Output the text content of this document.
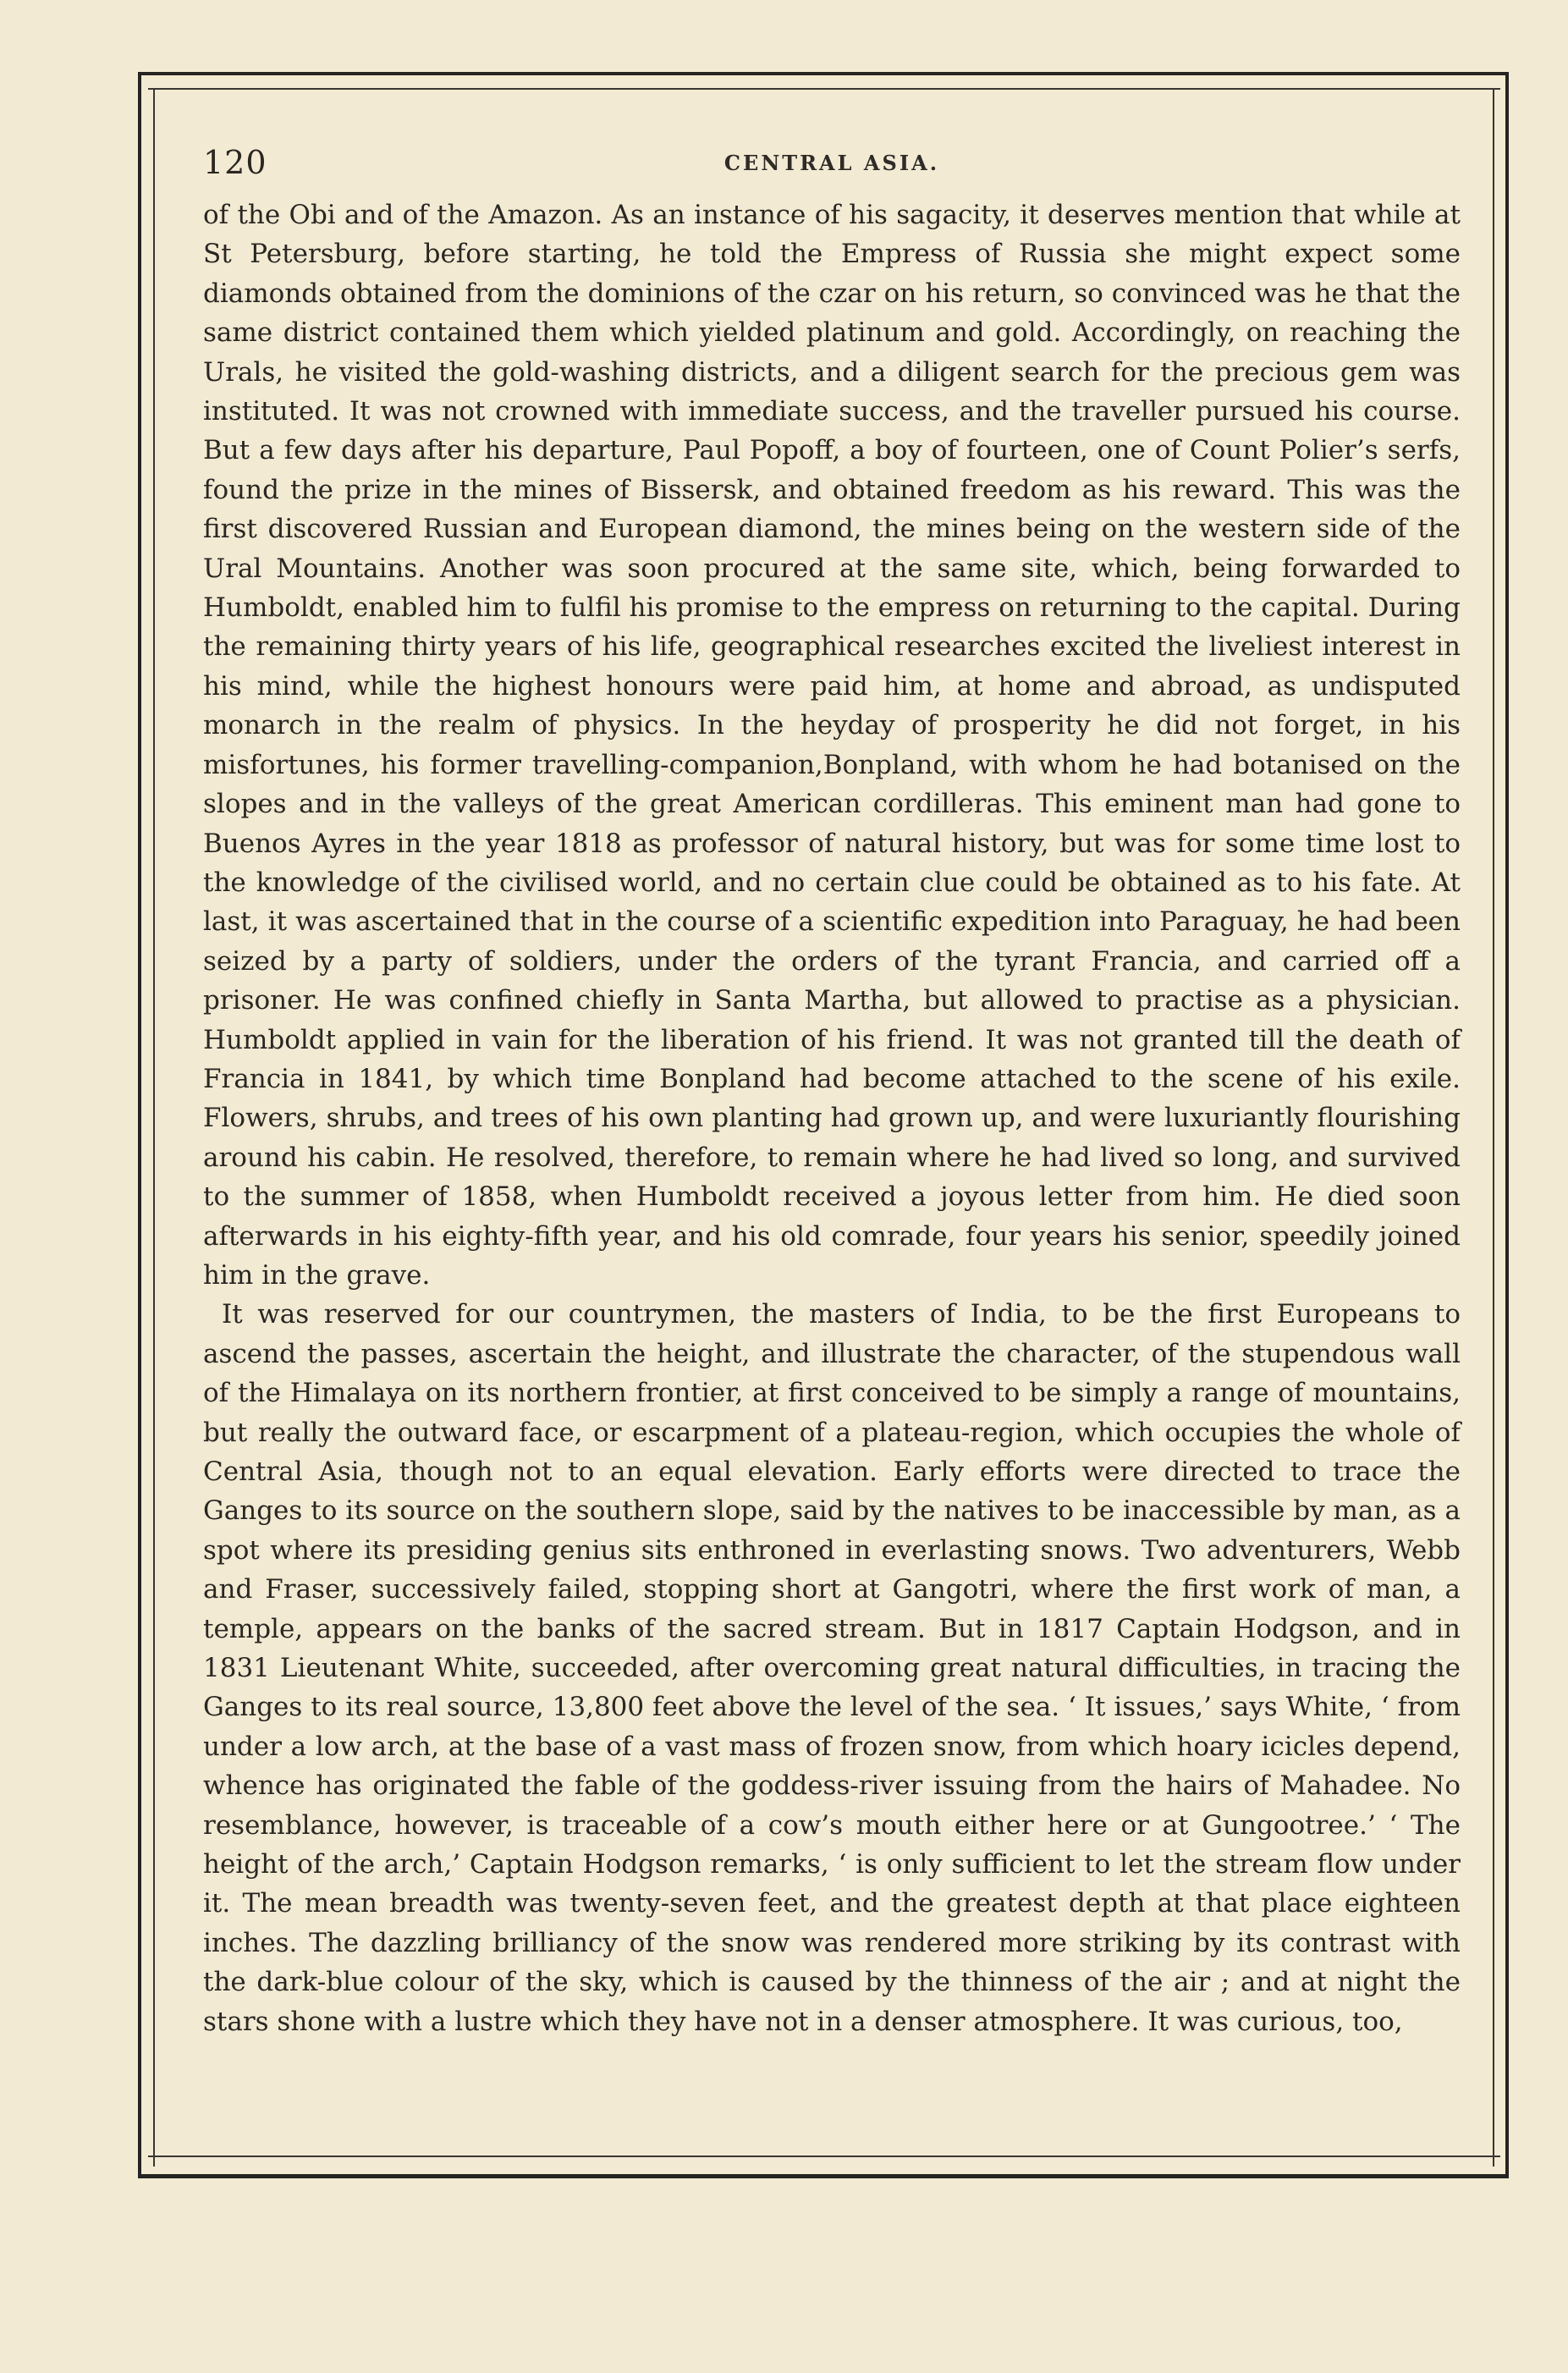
120	CENTRAL ASIA.

of the Obi and of the Amazon. As an instance of his sagacity, it deserves mention that while at St Petersburg, before starting, he told the Empress of Russia she might expect some diamonds obtained from the dominions of the czar on his return, so convinced was he that the same district contained them which yielded platinum and gold. Accordingly, on reaching the Urals, he visited the gold-washing districts, and a diligent search for the precious gem was instituted. It was not crowned with immediate success, and the traveller pursued his course. But a few days after his departure, Paul Popoff, a boy of fourteen, one of Count Polier’s serfs, found the prize in the mines of Bissersk, and obtained freedom as his reward. This was the first discovered Russian and European diamond, the mines being on the western side of the Ural Mountains. Another was soon procured at the same site, which, being forwarded to Humboldt, enabled him to fulfil his promise to the empress on returning to the capital. During the remaining thirty years of his life, geographical researches excited the liveliest interest in his mind, while the highest honours were paid him, at home and abroad, as undisputed monarch in the realm of physics. In the heyday of prosperity he did not forget, in his misfortunes, his former travelling-companion,Bonpland, with whom he had botanised on the slopes and in the valleys of the great American cordilleras. This eminent man had gone to Buenos Ayres in the year 1818 as professor of natural history, but was for some time lost to the knowledge of the civilised world, and no certain clue could be obtained as to his fate. At last, it was ascertained that in the course of a scientific expedition into Paraguay, he had been seized by a party of soldiers, under the orders of the tyrant Francia, and carried off a prisoner. He was confined chiefly in Santa Martha, but allowed to practise as a physician. Humboldt applied in vain for the liberation of his friend. It was not granted till the death of Francia in 1841, by which time Bonpland had become attached to the scene of his exile. Flowers, shrubs, and trees of his own planting had grown up, and were luxuriantly flourishing around his cabin. He resolved, therefore, to remain where he had lived so long, and survived to the summer of 1858, when Humboldt received a joyous letter from him. He died soon afterwards in his eighty-fifth year, and his old comrade, four years his senior, speedily joined him in the grave.

It was reserved for our countrymen, the masters of India, to be the first Europeans to ascend the passes, ascertain the height, and illustrate the character, of the stupendous wall of the Himalaya on its northern frontier, at first conceived to be simply a range of mountains, but really the outward face, or escarpment of a plateau-region, which occupies the whole of Central Asia, though not to an equal elevation. Early efforts were directed to trace the Ganges to its source on the southern slope, said by the natives to be inaccessible by man, as a spot where its presiding genius sits enthroned in everlasting snows. Two adventurers, Webb and Fraser, successively failed, stopping short at Gangotri, where the first work of man, a temple, appears on the banks of the sacred stream. But in 1817 Captain Hodgson, and in 1831 Lieutenant White, succeeded, after overcoming great natural difficulties, in tracing the Ganges to its real source, 13,800 feet above the level of the sea. ‘ It issues,’ says White, ‘ from under a low arch, at the base of a vast mass of frozen snow, from which hoary icicles depend, whence has originated the fable of the goddess-river issuing from the hairs of Mahadee. No resemblance, however, is traceable of a cow’s mouth either here or at Gungootree.’ ‘ The height of the arch,’ Captain Hodgson remarks, ‘ is only sufficient to let the stream flow under it. The mean breadth was twenty-seven feet, and the greatest depth at that place eighteen inches. The dazzling brilliancy of the snow was rendered more striking by its contrast with the dark-blue colour of the sky, which is caused by the thinness of the air ; and at night the stars shone with a lustre which they have not in a denser atmosphere. It was curious, too,
